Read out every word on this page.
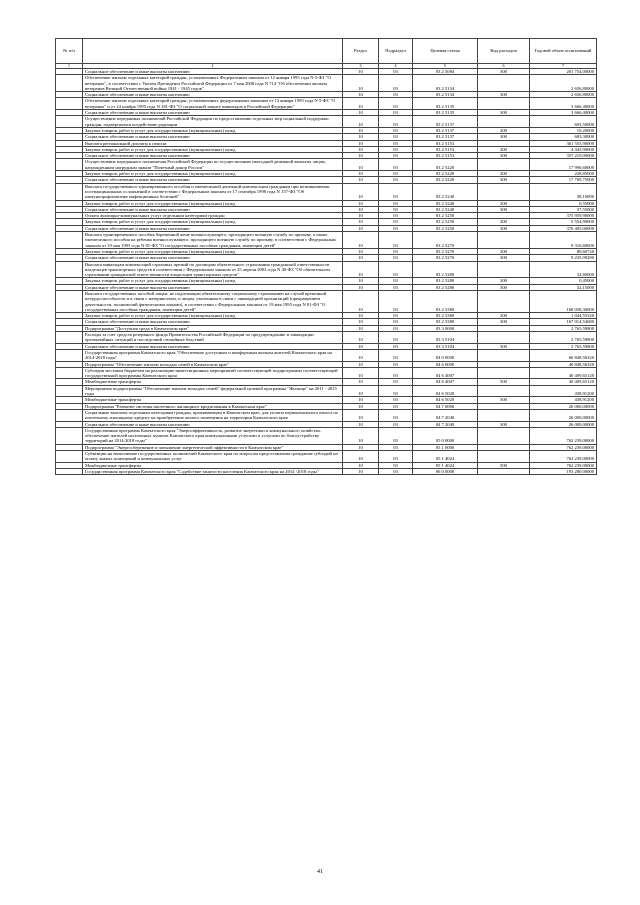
№ п/п		Раздел	Подраздел	Целевая статья	Вид расходов	Годовой объем ассигнований
1	2	3	4	5	6	7
	Социальное обеспечение и иные выплаты населению	10	03	03 2 5084	300	201 754,00000
	Обеспечение жильем отдельных категорий граждан, установленных Федеральным законом от 12 января 1995 года N 5-ФЗ "О ветеранах", в соответствии с Указом Президента Российской Федерации от 7 мая 2008 года N 714 "Об обеспечении жильем ветеранов Великой Отечественной войны 1941 - 1945 годов"	10	03	03 2 5134		2 656,80000
	Социальное обеспечение и иные выплаты населению	10	03	03 2 5134	300	2 656,80000
	Обеспечение жильем отдельных категорий граждан, установленных федеральными законами от 12 января 1995 года N 5-ФЗ "О ветеранах" и от 24 ноября 1995 года N 181-ФЗ "О социальной защите инвалидов в Российской Федерации"	10	03	03 2 5135		3 666,40000
	Социальное обеспечение и иные выплаты населению	10	03	03 2 5135	300	3 666,40000
	Осуществление переданных полномочий Российской Федерации по предоставлению отдельных мер социальной поддержки граждан, подвергшихся воздействию радиации	10	03	03 2 5137		693,50000
	Закупка товаров, работ и услуг для государственных (муниципальных) нужд	10	03	03 2 5137	200	10,20000
	Социальное обеспечение и иные выплаты населению	10	03	03 2 5137	300	683,30000
	Выплата региональной доплаты к пенсии	10	03	03 2 5153		361 555,90000
	Закупка товаров, работ и услуг для государственных (муниципальных) нужд	10	03	03 2 5153	200	4 345,90000
	Социальное обеспечение и иные выплаты населению	10	03	03 2 5153	300	357 210,00000
	Осуществление переданного полномочия Российской Федерации по осуществлению ежегодной денежной выплаты лицам, награжденным нагрудным знаком "Почетный донор России"	10	03	03 2 5220		17 996,60000
	Закупка товаров, работ и услуг для государственных (муниципальных) нужд	10	03	03 2 5220	200	228,85000
	Социальное обеспечение и иные выплаты населению	10	03	03 2 5220	300	17 769,75000
	Выплата государственного единовременного пособия и ежемесячной денежной компенсации гражданам при возникновении поствакцинальных осложнений в соответствии с Федеральным законом от 17 сентября 1998 года N 157-ФЗ "Об иммунопрофилактике инфекционных болезней"	10	03	03 2 5240		38,10000
	Закупка товаров, работ и услуг для государственных (муниципальных) нужд	10	03	03 2 5240	200	0,55000
	Социальное обеспечение и иные выплаты населению	10	03	03 2 5240	300	37,55000
	Оплата жилищно-коммунальных услуг отдельным категориям граждан	10	03	03 2 5250		375 959,90000
	Закупка товаров, работ и услуг для государственных (муниципальных) нужд	10	03	03 2 5250	200	5 554,90000
	Социальное обеспечение и иные выплаты населению	10	03	03 2 5250	300	370 405,00000
	Выплата единовременного пособия беременной жене военнослужащего, проходящего военную службу по призыву, а также ежемесячного пособия на ребенка военнослужащего, проходящего военную службу по призыву, в соответствии с Федеральным законом от 19 мая 1995 года N 81-ФЗ "О государственных пособиях гражданам, имеющим детей"	10	03	03 2 5270		9 316,60000
	Закупка товаров, работ и услуг для государственных (муниципальных) нужд	10	03	03 2 5270	200	80,60720
	Социальное обеспечение и иные выплаты населению	10	03	03 2 5270	300	9 235,99280
	Выплата инвалидам компенсаций страховых премий по договорам обязательного страхования гражданской ответственности владельцев транспортных средств в соответствии с Федеральным законом от 25 апреля 2002 года N 40-ФЗ "Об обязательном страховании гражданской ответственности владельцев транспортных средств"	10	03	03 2 5280		32,60000
	Закупка товаров, работ и услуг для государственных (муниципальных) нужд	10	03	03 2 5280	200	0,45000
	Социальное обеспечение и иные выплаты населению	10	03	03 2 5280	300	32,15000
	Выплата государственных пособий лицам, не подлежащим обязательному социальному страхованию на случай временной нетрудоспособности и в связи с материнством, и лицам, уволенным в связи с ликвидацией организаций (прекращением деятельности, полномочий физическими лицами), в соответствии с Федеральным законом от 19 мая 1995 года N 81-ФЗ "О государственных пособиях гражданам, имеющим детей"	10	03	03 2 5380		168 058,30000
	Закупка товаров, работ и услуг для государственных (муниципальных) нужд	10	03	03 2 5380	200	1 044,55320
	Социальное обеспечение и иные выплаты населению	10	03	03 2 5380	300	167 014,54680
	Подпрограмма "Доступная среда в Камчатском крае"	10	03	03 3 0000		2 765,59800
	Расходы за счет средств резервного фонда Правительства Российской Федерации по предупреждению и ликвидации чрезвычайных ситуаций и последствий стихийных бедствий	10	03	03 3 5104		2 765,59800
	Социальное обеспечение и иные выплаты населению	10	03	03 3 5104	300	2 765,59800
	Государственная программа Камчатского края "Обеспечение доступным и комфортным жильем жителей Камчатского края на 2014-2018 годы"	10	03	04 0 0000		66 848,56320
	Подпрограмма "Обеспечение жильем молодых семей в Камчатском крае"	10	03	04 6 0000		40 848,56320
	Субсидии местным бюджетам на реализацию инвестиционных мероприятий соответствующей подпрограммы соответствующей государственной программы Камчатского края	10	03	04 6 4007		40 409,65120
	Межбюджетные трансферты	10	03	04 6 4007	500	40 409,65120
	Мероприятия подпрограммы "Обеспечение жильем молодых семей" федеральной целевой программы "Жилище" на 2011 - 2015 годы	10	03	04 6 5020		438,91200
	Межбюджетные трансферты	10	03	04 6 5020	500	438,91200
	Подпрограмма "Развитие системы ипотечного жилищного кредитования в Камчатском крае"	10	03	04 7 0000		26 000,00000
	Социальные выплаты отдельным категориям граждан, проживающим в Камчатском крае, для уплаты первоначального взноса по ипотечному жилищному кредиту на приобретение жилого помещения на территории Камчатского края	10	03	04 7 2040		26 000,00000
	Социальное обеспечение и иные выплаты населению	10	03	04 7 2040	300	26 000,00000
	Государственная программа Камчатского края "Энергоэффективность, развитие энергетики и коммунального хозяйства, обеспечение жителей населенных пунктов Камчатского края коммунальными услугами и услугами по благоустройству территорий на 2014-2018 годы"	10	03	05 0 0000		762 239,00000
	Подпрограмма "Энергосбережение и повышение энергетической эффективности в Камчатском крае"	10	03	05 1 0000		762 239,00000
	Субвенции на выполнение государственных полномочий Камчатского края по вопросам предоставления гражданам субсидий на оплату жилых помещений и коммунальных услуг	10	03	05 1 4024		762 239,00000
	Межбюджетные трансферты	10	03	05 1 4024	500	762 239,00000
	Государственная программа Камчатского края "Содействие занятости населения Камчатского края на 2014 -2018 годы"	10	03	06 0 0000		193 280,00000
41
